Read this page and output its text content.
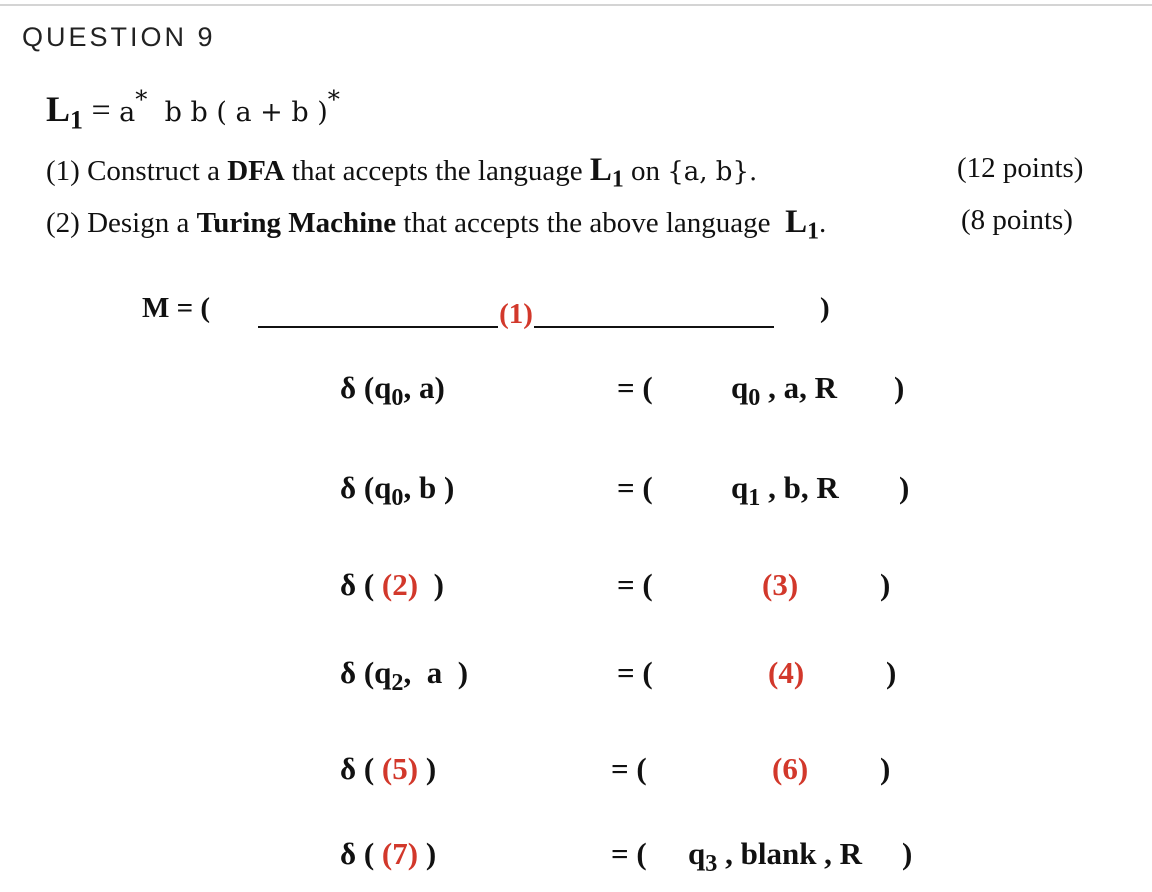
QUESTION 9
$L_1 = a^*$ b b ( a + b )*
(1) Construct a DFA that accepts the language $L_1$ on {a, b}.	(12 points)
(2) Design a Turing Machine that accepts the above language  $L_1$.	(8 points)
M = (	(1)	)
δ ($q_0$, a)	= (	$q_0$ , a, R )
δ ($q_0$, b )	= (	$q_1$ , b, R )
δ ( (2) )	= (	(3)	)
δ ($q_2$,  a  )	= (	(4)	)
δ ( (5) )	= (	(6) )
δ ( (7) )	= ( $q_3$ , blank , R )
